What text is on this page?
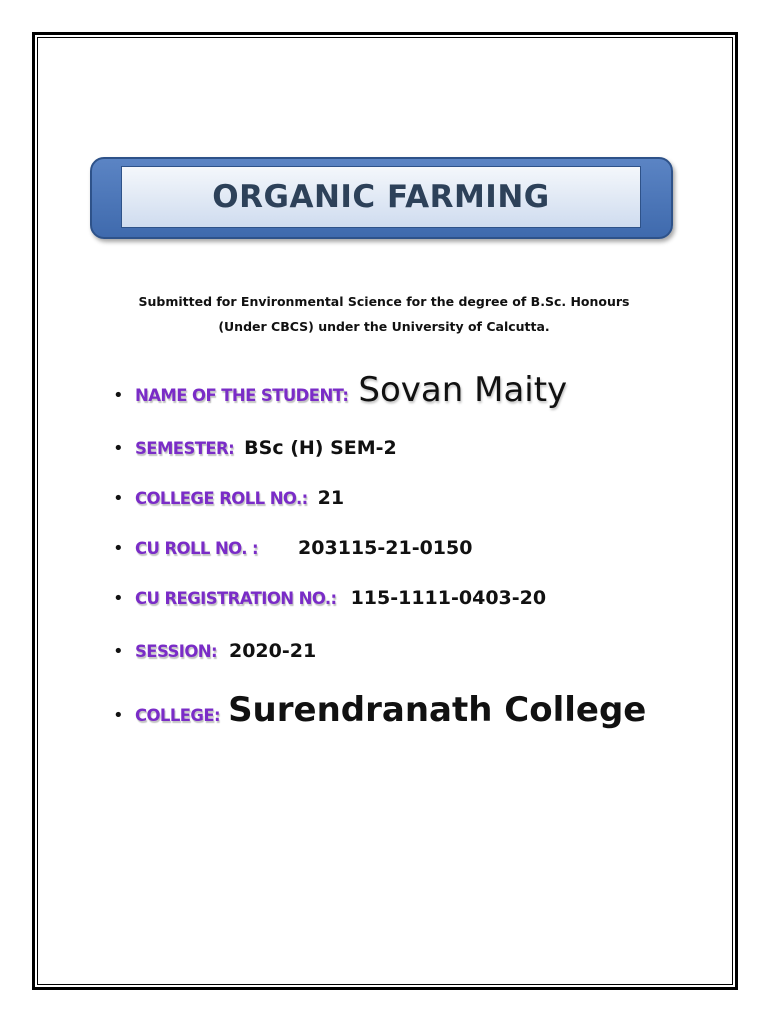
ORGANIC FARMING
Submitted for Environmental Science for the degree of B.Sc. Honours
(Under CBCS) under the University of Calcutta.
• NAME OF THE STUDENT: Sovan Maity
• SEMESTER: BSc (H) SEM-2
• COLLEGE ROLL NO.: 21
• CU ROLL NO. : 203115-21-0150
• CU REGISTRATION NO.: 115-1111-0403-20
• SESSION: 2020-21
• COLLEGE: Surendranath College
